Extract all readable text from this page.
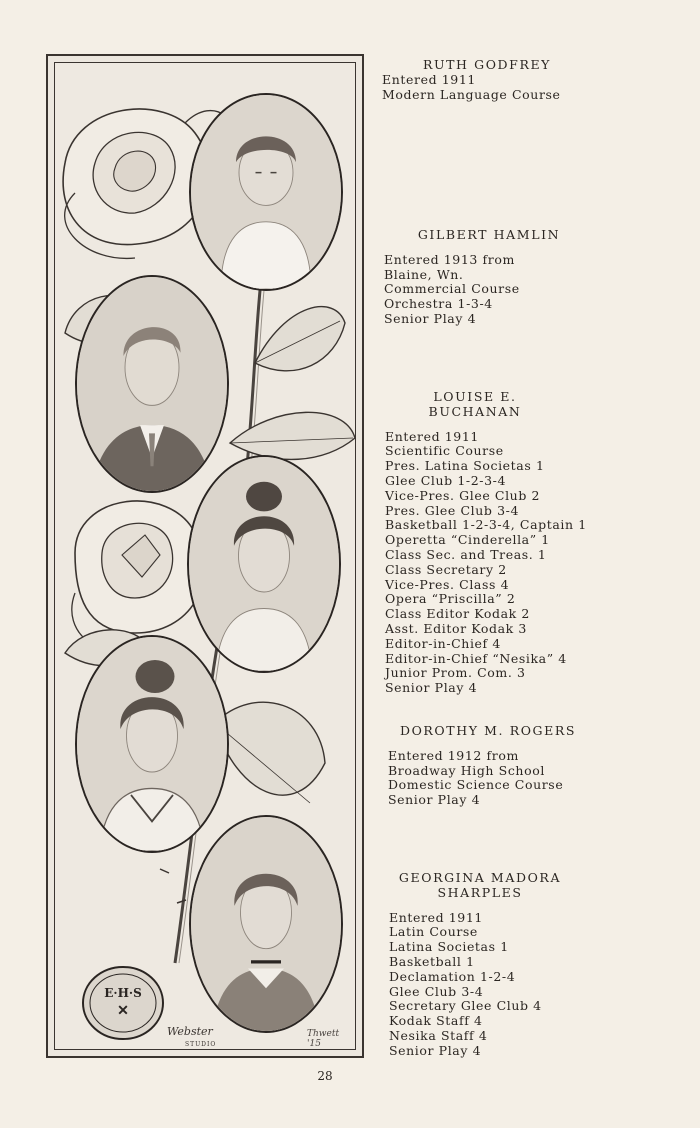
E·H·S
✕
Webster
STUDIO
Thwett '15
RUTH GODFREY
Entered 1911
Modern Language Course
GILBERT HAMLIN
Entered 1913 from
Blaine, Wn.
Commercial Course
Orchestra 1-3-4
Senior Play 4
LOUISE E. BUCHANAN
Entered 1911
Scientific Course
Pres. Latina Societas 1
Glee Club 1-2-3-4
Vice-Pres. Glee Club 2
Pres. Glee Club 3-4
Basketball 1-2-3-4, Captain 1
Operetta “Cinderella” 1
Class Sec. and Treas. 1
Class Secretary 2
Vice-Pres. Class 4
Opera “Priscilla” 2
Class Editor Kodak 2
Asst. Editor Kodak 3
Editor-in-Chief 4
Editor-in-Chief “Nesika” 4
Junior Prom. Com. 3
Senior Play 4
DOROTHY M. ROGERS
Entered 1912 from
Broadway High School
Domestic Science Course
Senior Play 4
GEORGINA MADORA
SHARPLES
Entered 1911
Latin Course
Latina Societas 1
Basketball 1
Declamation 1-2-4
Glee Club 3-4
Secretary Glee Club 4
Kodak Staff 4
Nesika Staff 4
Senior Play 4
28
